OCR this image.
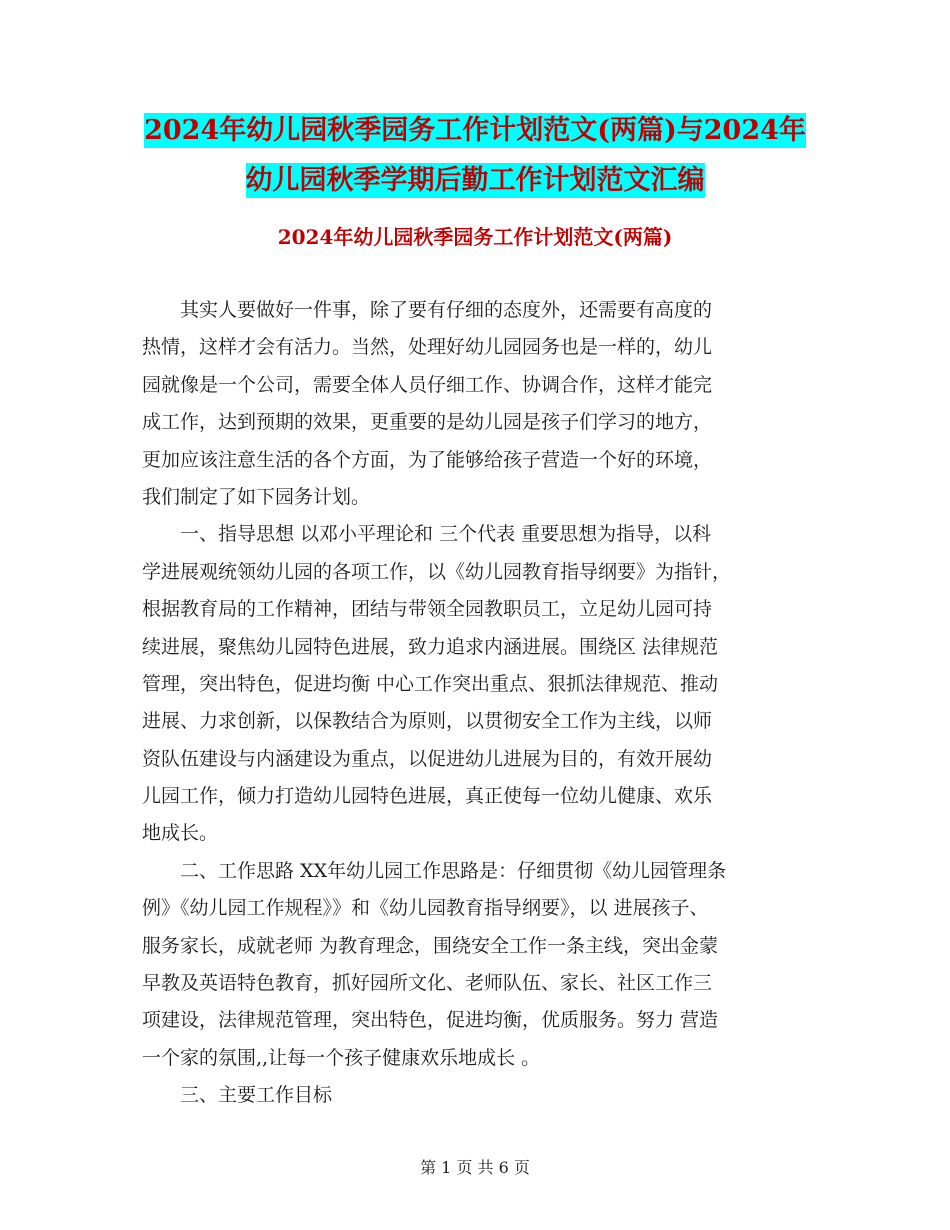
2024年幼儿园秋季园务工作计划范文(两篇)与2024年
幼儿园秋季学期后勤工作计划范文汇编
2024年幼儿园秋季园务工作计划范文(两篇)

　　其实人要做好一件事，除了要有仔细的态度外，还需要有高度的
热情，这样才会有活力。当然，处理好幼儿园园务也是一样的，幼儿
园就像是一个公司，需要全体人员仔细工作、协调合作，这样才能完
成工作，达到预期的效果，更重要的是幼儿园是孩子们学习的地方，
更加应该注意生活的各个方面，为了能够给孩子营造一个好的环境，
我们制定了如下园务计划。

　　一、指导思想 以邓小平理论和 三个代表 重要思想为指导，以科
学进展观统领幼儿园的各项工作，以《幼儿园教育指导纲要》为指针，
根据教育局的工作精神，团结与带领全园教职员工，立足幼儿园可持
续进展，聚焦幼儿园特色进展，致力追求内涵进展。围绕区 法律规范
管理，突出特色，促进均衡 中心工作突出重点、狠抓法律规范、推动
进展、力求创新，以保教结合为原则，以贯彻安全工作为主线，以师
资队伍建设与内涵建设为重点，以促进幼儿进展为目的，有效开展幼
儿园工作，倾力打造幼儿园特色进展，真正使每一位幼儿健康、欢乐
地成长。

　　二、工作思路 XX年幼儿园工作思路是：仔细贯彻《幼儿园管理条
例》《幼儿园工作规程》》和《幼儿园教育指导纲要》，以 进展孩子、
服务家长，成就老师 为教育理念，围绕安全工作一条主线，突出金蒙
早教及英语特色教育，抓好园所文化、老师队伍、家长、社区工作三
项建设，法律规范管理，突出特色，促进均衡，优质服务。努力 营造
一个家的氛围,,让每一个孩子健康欢乐地成长 。

　　三、主要工作目标

第 1 页 共 6 页
